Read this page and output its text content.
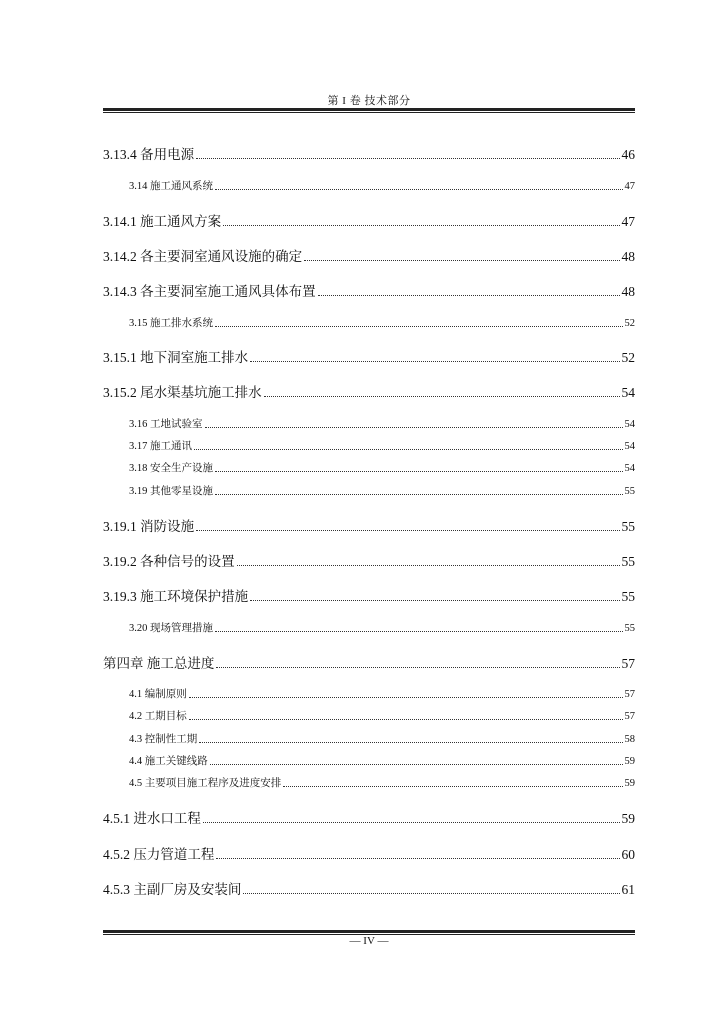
第 I 卷 技术部分
3.13.4 备用电源	46
3.14 施工通风系统	47
3.14.1 施工通风方案	47
3.14.2 各主要洞室通风设施的确定	48
3.14.3 各主要洞室施工通风具体布置	48
3.15 施工排水系统	52
3.15.1 地下洞室施工排水	52
3.15.2 尾水渠基坑施工排水	54
3.16 工地试验室	54
3.17 施工通讯	54
3.18 安全生产设施	54
3.19 其他零星设施	55
3.19.1 消防设施	55
3.19.2 各种信号的设置	55
3.19.3 施工环境保护措施	55
3.20 现场管理措施	55
第四章 施工总进度	57
4.1 编制原则	57
4.2 工期目标	57
4.3 控制性工期	58
4.4 施工关键线路	59
4.5 主要项目施工程序及进度安排	59
4.5.1 进水口工程	59
4.5.2 压力管道工程	60
4.5.3 主副厂房及安装间	61
— IV —
